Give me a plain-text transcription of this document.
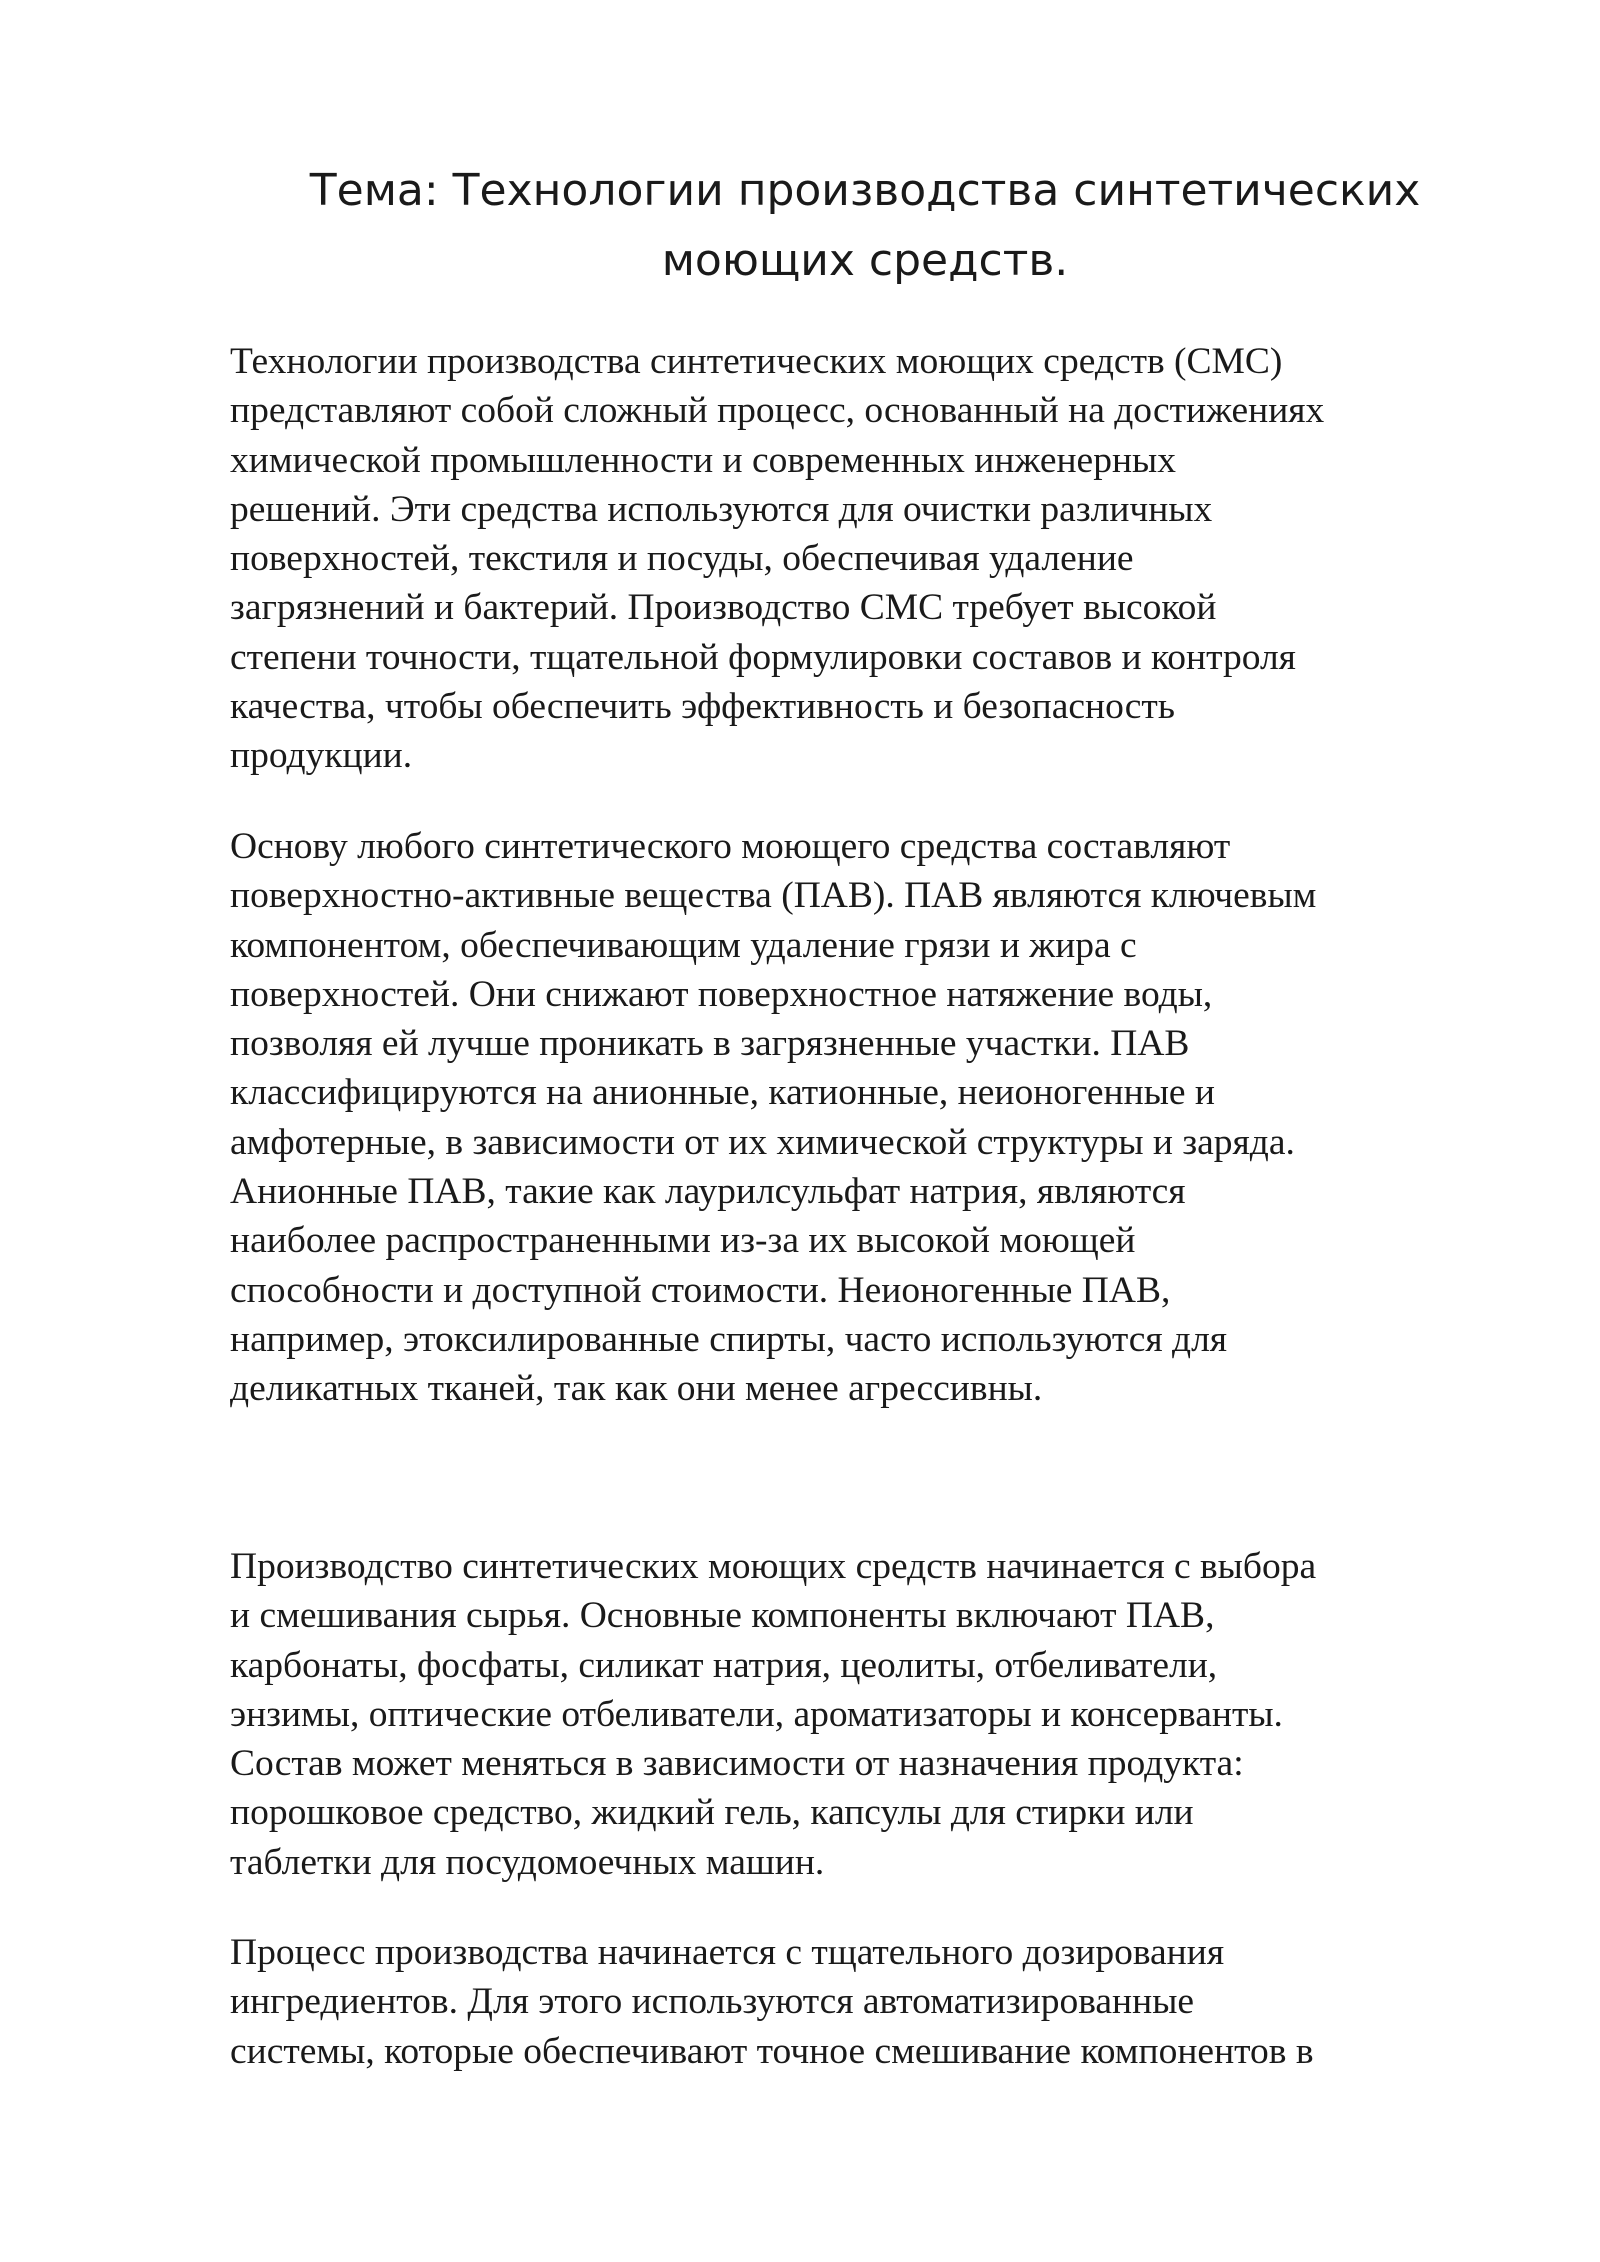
Тема: Технологии производства синтетических
моющих средств.

Технологии производства синтетических моющих средств (СМС)
представляют собой сложный процесс, основанный на достижениях
химической промышленности и современных инженерных
решений. Эти средства используются для очистки различных
поверхностей, текстиля и посуды, обеспечивая удаление
загрязнений и бактерий. Производство СМС требует высокой
степени точности, тщательной формулировки составов и контроля
качества, чтобы обеспечить эффективность и безопасность
продукции.

Основу любого синтетического моющего средства составляют
поверхностно-активные вещества (ПАВ). ПАВ являются ключевым
компонентом, обеспечивающим удаление грязи и жира с
поверхностей. Они снижают поверхностное натяжение воды,
позволяя ей лучше проникать в загрязненные участки. ПАВ
классифицируются на анионные, катионные, неионогенные и
амфотерные, в зависимости от их химической структуры и заряда.
Анионные ПАВ, такие как лаурилсульфат натрия, являются
наиболее распространенными из-за их высокой моющей
способности и доступной стоимости. Неионогенные ПАВ,
например, этоксилированные спирты, часто используются для
деликатных тканей, так как они менее агрессивны.

Производство синтетических моющих средств начинается с выбора
и смешивания сырья. Основные компоненты включают ПАВ,
карбонаты, фосфаты, силикат натрия, цеолиты, отбеливатели,
энзимы, оптические отбеливатели, ароматизаторы и консерванты.
Состав может меняться в зависимости от назначения продукта:
порошковое средство, жидкий гель, капсулы для стирки или
таблетки для посудомоечных машин.

Процесс производства начинается с тщательного дозирования
ингредиентов. Для этого используются автоматизированные
системы, которые обеспечивают точное смешивание компонентов в
